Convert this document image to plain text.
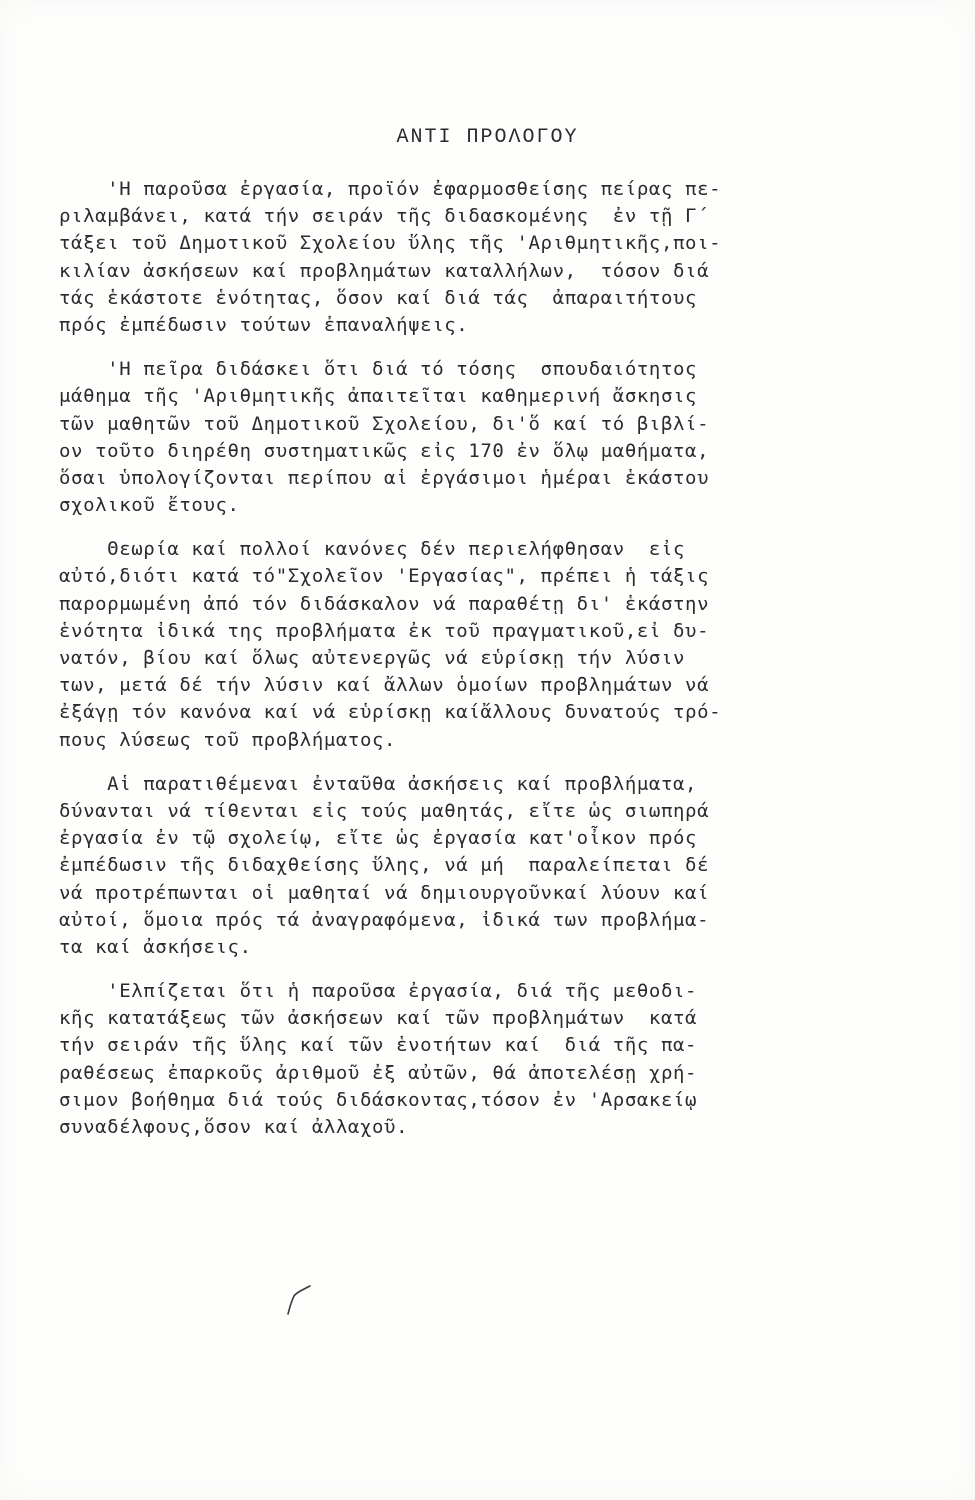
ΑΝΤΙ ΠΡΟΛΟΓΟΥ
'Η παροῦσα ἐργασία, προϊόν ἐφαρμοσθείσης πείρας πε-
ριλαμβάνει, κατά τήν σειράν τῆς διδασκομένης  ἐν τῇ Γ΄
τάξει τοῦ Δημοτικοῦ Σχολείου ὕλης τῆς 'Αριθμητικῆς,ποι-
κιλίαν ἀσκήσεων καί προβλημάτων καταλλήλων,  τόσον διά
τάς ἑκάστοτε ἑνότητας, ὅσον καί διά τάς  ἀπαραιτήτους
πρός ἐμπέδωσιν τούτων ἐπαναλήψεις.
'Η πεῖρα διδάσκει ὅτι διά τό τόσης  σπουδαιότητος
μάθημα τῆς 'Αριθμητικῆς ἀπαιτεῖται καθημερινή ἄσκησις
τῶν μαθητῶν τοῦ Δημοτικοῦ Σχολείου, δι'ὅ καί τό βιβλί-
ον τοῦτο διηρέθη συστηματικῶς εἰς 170 ἐν ὅλῳ μαθήματα,
ὅσαι ὑπολογίζονται περίπου αἱ ἐργάσιμοι ἡμέραι ἑκάστου
σχολικοῦ ἔτους.
Θεωρία καί πολλοί κανόνες δέν περιελήφθησαν  εἰς
αὐτό,διότι κατά τό"Σχολεῖον 'Εργασίας", πρέπει ἡ τάξις
παρορμωμένη ἀπό τόν διδάσκαλον νά παραθέτῃ δι' ἑκάστην
ἑνότητα ἰδικά της προβλήματα ἐκ τοῦ πραγματικοῦ,εἰ δυ-
νατόν, βίου καί ὅλως αὐτενεργῶς νά εὑρίσκῃ τήν λύσιν
των, μετά δέ τήν λύσιν καί ἄλλων ὁμοίων προβλημάτων νά
ἐξάγῃ τόν κανόνα καί νά εὑρίσκῃ καίἄλλους δυνατούς τρό-
πους λύσεως τοῦ προβλήματος.
Αἱ παρατιθέμεναι ἐνταῦθα ἀσκήσεις καί προβλήματα,
δύνανται νά τίθενται εἰς τούς μαθητάς, εἴτε ὡς σιωπηρά
ἐργασία ἐν τῷ σχολείῳ, εἴτε ὡς ἐργασία κατ'οἶκον πρός
ἐμπέδωσιν τῆς διδαχθείσης ὕλης, νά μή  παραλείπεται δέ
νά προτρέπωνται οἱ μαθηταί νά δημιουργοῦνκαί λύουν καί
αὐτοί, ὅμοια πρός τά ἀναγραφόμενα, ἰδικά των προβλήμα-
τα καί ἀσκήσεις.
'Ελπίζεται ὅτι ἡ παροῦσα ἐργασία, διά τῆς μεθοδι-
κῆς κατατάξεως τῶν ἀσκήσεων καί τῶν προβλημάτων  κατά
τήν σειράν τῆς ὕλης καί τῶν ἑνοτήτων καί  διά τῆς πα-
ραθέσεως ἐπαρκοῦς ἀριθμοῦ ἐξ αὐτῶν, θά ἀποτελέσῃ χρή-
σιμον βοήθημα διά τούς διδάσκοντας,τόσον ἐν 'Αρσακείῳ
συναδέλφους,ὅσον καί ἀλλαχοῦ.
